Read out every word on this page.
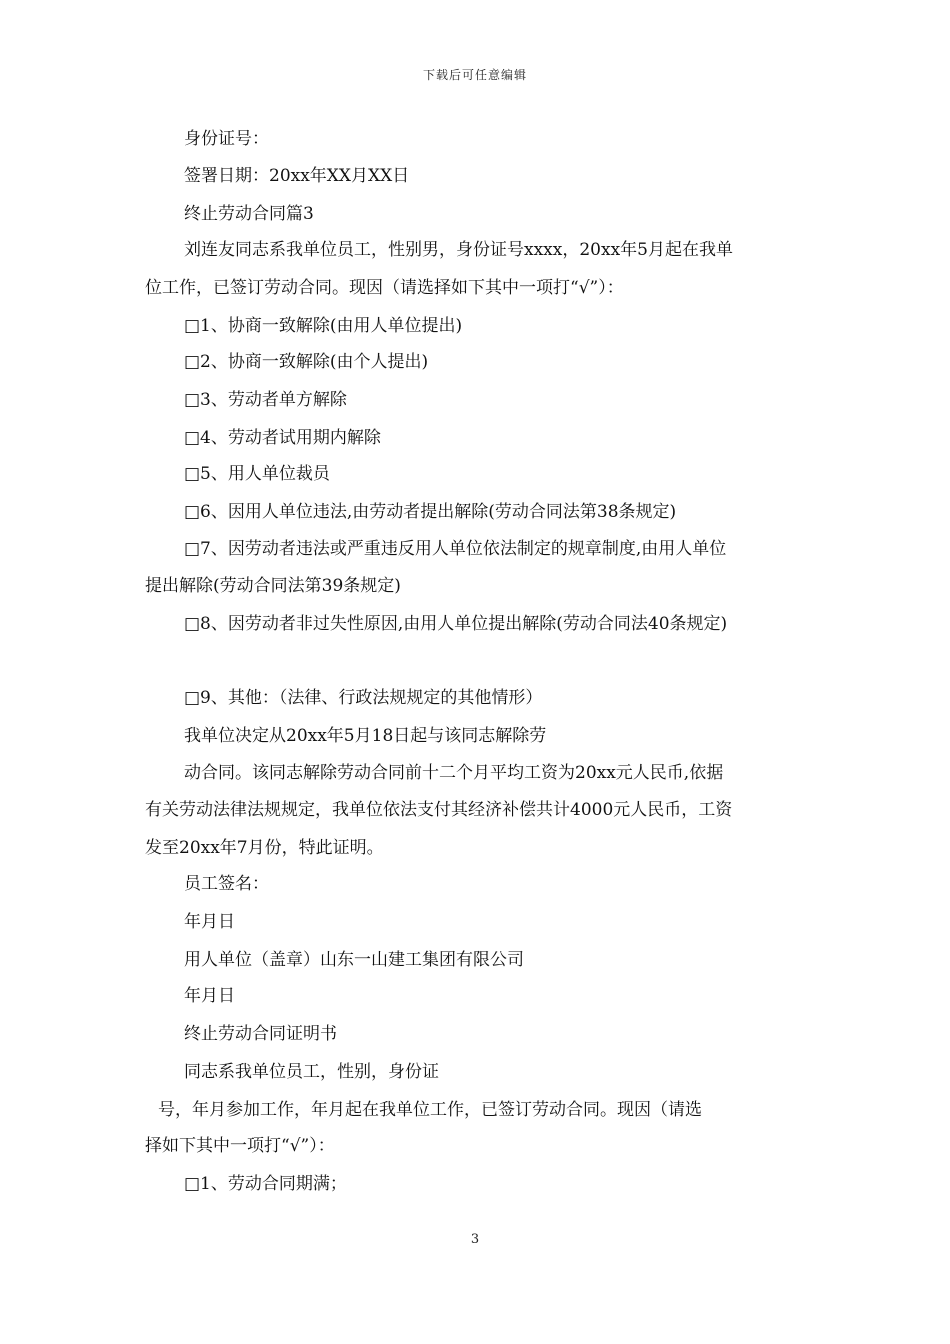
下载后可任意编辑
身份证号：
签署日期：20xx年XX月XX日
终止劳动合同篇3
刘连友同志系我单位员工，性别男，身份证号xxxx，20xx年5月起在我单
位工作，已签订劳动合同。现因（请选择如下其中一项打“√”）：
□1、协商一致解除(由用人单位提出)
□2、协商一致解除(由个人提出)
□3、劳动者单方解除
□4、劳动者试用期内解除
□5、用人单位裁员
□6、因用人单位违法,由劳动者提出解除(劳动合同法第38条规定)
□7、因劳动者违法或严重违反用人单位依法制定的规章制度,由用人单位
提出解除(劳动合同法第39条规定)
□8、因劳动者非过失性原因,由用人单位提出解除(劳动合同法40条规定)
□9、其他：（法律、行政法规规定的其他情形）
我单位决定从20xx年5月18日起与该同志解除劳
动合同。该同志解除劳动合同前十二个月平均工资为20xx元人民币,依据
有关劳动法律法规规定，我单位依法支付其经济补偿共计4000元人民币，工资
发至20xx年7月份，特此证明。
员工签名：
年月日
用人单位（盖章）山东一山建工集团有限公司
年月日
终止劳动合同证明书
同志系我单位员工，性别，身份证
号，年月参加工作，年月起在我单位工作，已签订劳动合同。现因（请选
择如下其中一项打“√”）：
□1、劳动合同期满；
3
